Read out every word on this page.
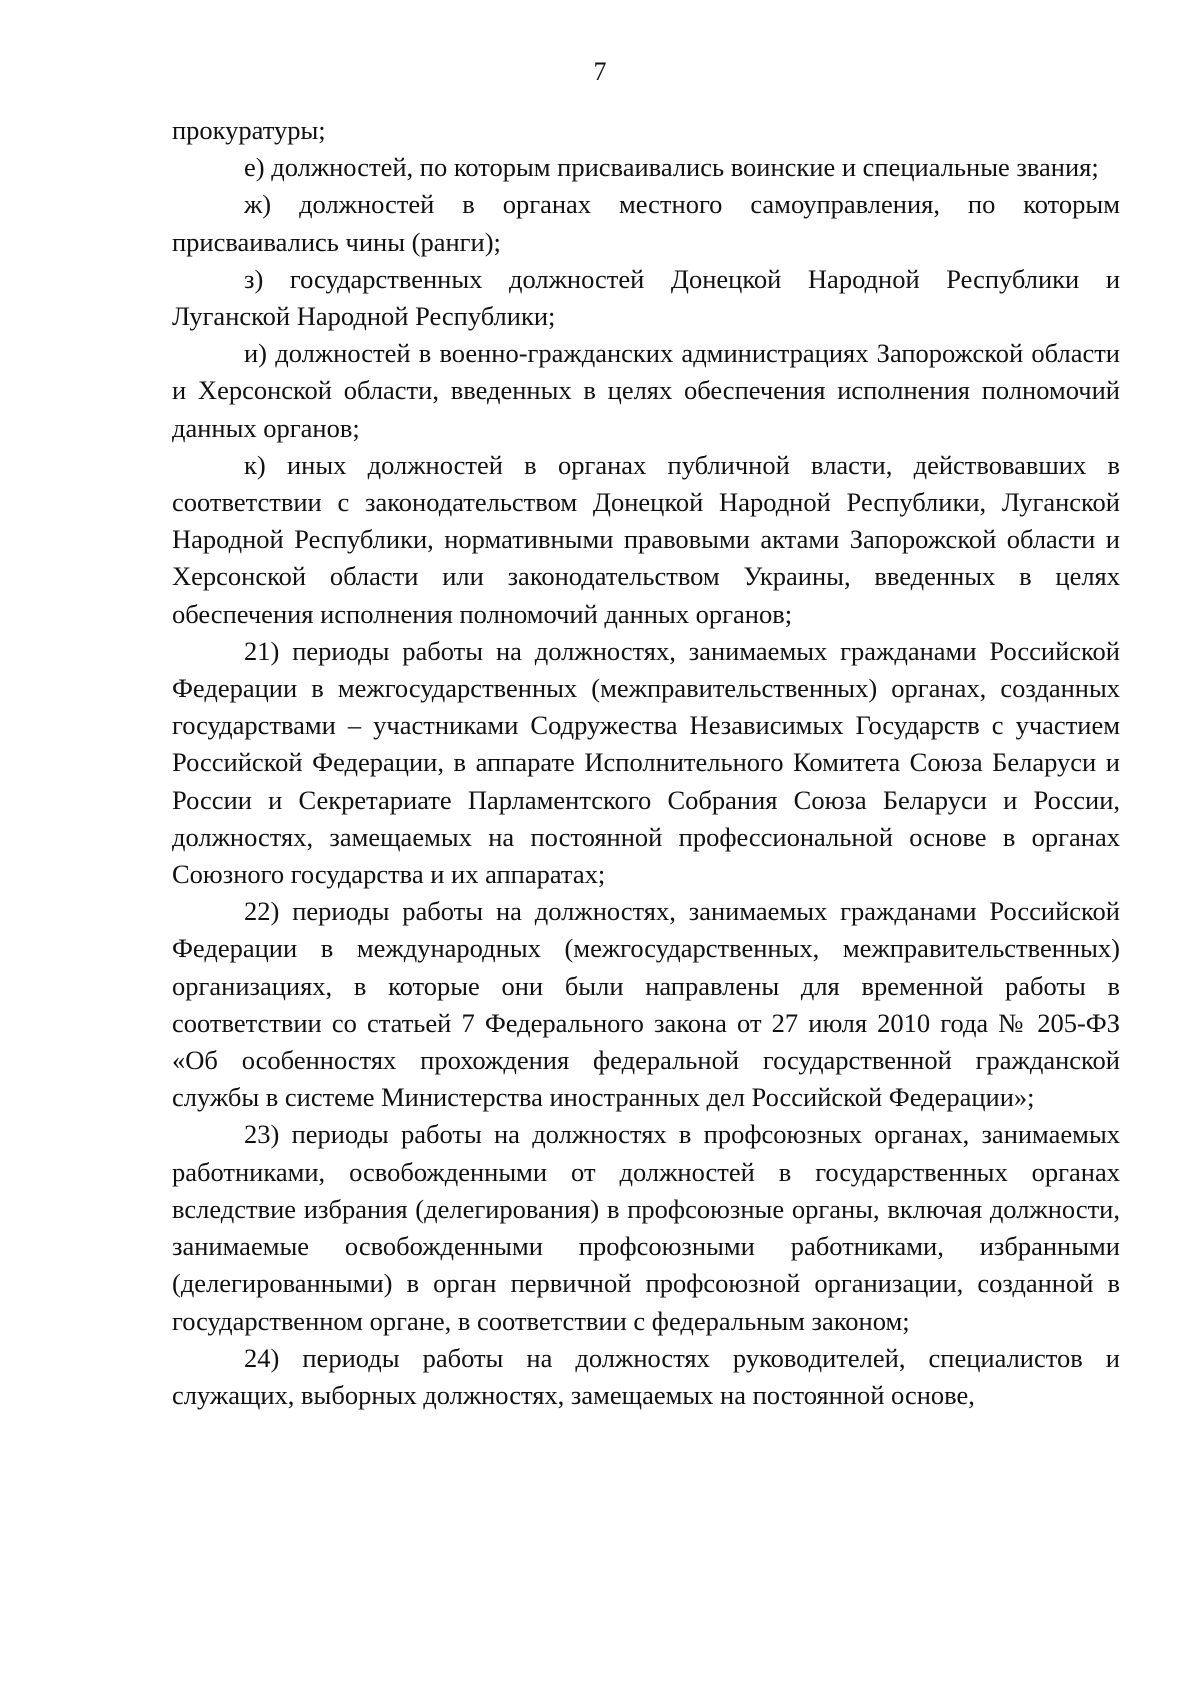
7

прокуратуры;

е) должностей, по которым присваивались воинские и специальные звания;

ж) должностей в органах местного самоуправления, по которым присваивались чины (ранги);

з) государственных должностей Донецкой Народной Республики и Луганской Народной Республики;

и) должностей в военно-гражданских администрациях Запорожской области и Херсонской области, введенных в целях обеспечения исполнения полномочий данных органов;

к) иных должностей в органах публичной власти, действовавших в соответствии с законодательством Донецкой Народной Республики, Луганской Народной Республики, нормативными правовыми актами Запорожской области и Херсонской области или законодательством Украины, введенных в целях обеспечения исполнения полномочий данных органов;

21) периоды работы на должностях, занимаемых гражданами Российской Федерации в межгосударственных (межправительственных) органах, созданных государствами – участниками Содружества Независимых Государств с участием Российской Федерации, в аппарате Исполнительного Комитета Союза Беларуси и России и Секретариате Парламентского Собрания Союза Беларуси и России, должностях, замещаемых на постоянной профессиональной основе в органах Союзного государства и их аппаратах;

22) периоды работы на должностях, занимаемых гражданами Российской Федерации в международных (межгосударственных, межправительственных) организациях, в которые они были направлены для временной работы в соответствии со статьей 7 Федерального закона от 27 июля 2010 года № 205-ФЗ «Об особенностях прохождения федеральной государственной гражданской службы в системе Министерства иностранных дел Российской Федерации»;

23) периоды работы на должностях в профсоюзных органах, занимаемых работниками, освобожденными от должностей в государственных органах вследствие избрания (делегирования) в профсоюзные органы, включая должности, занимаемые освобожденными профсоюзными работниками, избранными (делегированными) в орган первичной профсоюзной организации, созданной в государственном органе, в соответствии с федеральным законом;

24) периоды работы на должностях руководителей, специалистов и служащих, выборных должностях, замещаемых на постоянной основе,
